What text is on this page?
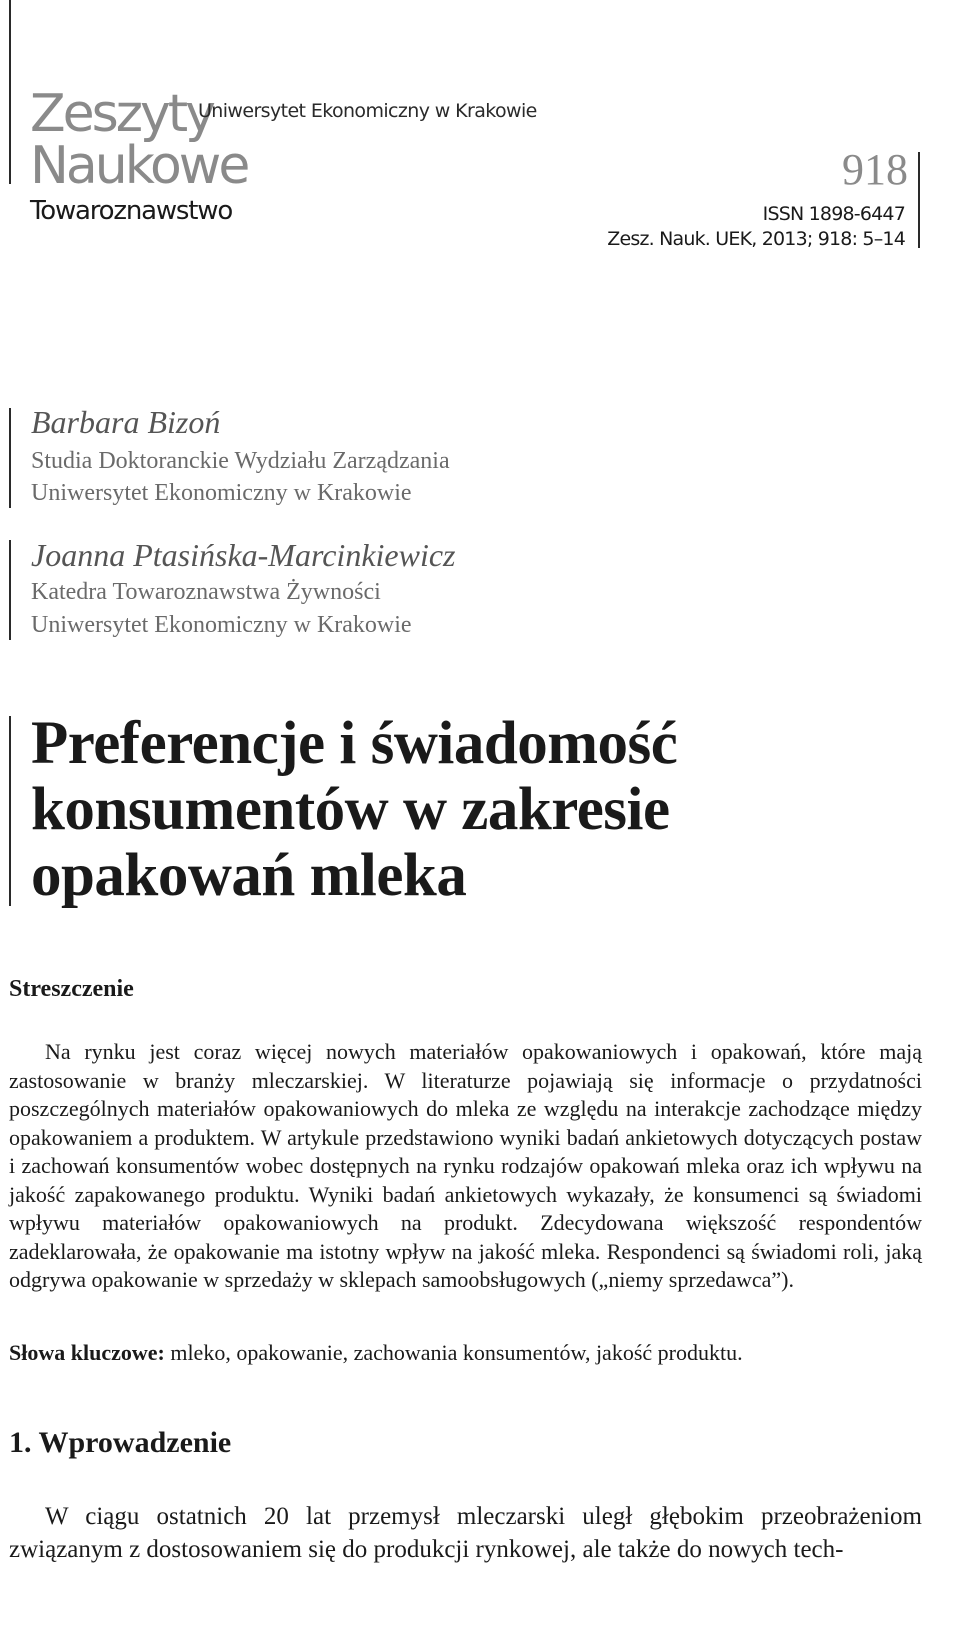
Zeszyty
Uniwersytet Ekonomiczny w Krakowie
Naukowe
Towaroznawstwo
918
ISSN 1898-6447
Zesz. Nauk. UEK, 2013; 918: 5–14
Barbara Bizoń
Studia Doktoranckie Wydziału Zarządzania
Uniwersytet Ekonomiczny w Krakowie
Joanna Ptasińska-Marcinkiewicz
Katedra Towaroznawstwa Żywności
Uniwersytet Ekonomiczny w Krakowie
Preferencje i świadomość
konsumentów w zakresie
opakowań mleka
Streszczenie
Na rynku jest coraz więcej nowych materiałów opakowaniowych i opakowań, które mają zastosowanie w branży mleczarskiej. W literaturze pojawiają się informacje o przydatności poszczególnych materiałów opakowaniowych do mleka ze względu na interakcje zachodzące między opakowaniem a produktem. W artykule przedstawiono wyniki badań ankietowych dotyczących postaw i zachowań konsumentów wobec dostępnych na rynku rodzajów opakowań mleka oraz ich wpływu na jakość zapakowanego produktu. Wyniki badań ankietowych wykazały, że konsumenci są świadomi wpływu materiałów opakowaniowych na produkt. Zdecydowana większość respondentów zadeklarowała, że opakowanie ma istotny wpływ na jakość mleka. Respondenci są świadomi roli, jaką odgrywa opakowanie w sprzedaży w sklepach samoobsługowych („niemy sprzedawca”).
Słowa kluczowe: mleko, opakowanie, zachowania konsumentów, jakość produktu.
1. Wprowadzenie
W ciągu ostatnich 20 lat przemysł mleczarski uległ głębokim przeobrażeniom związanym z dostosowaniem się do produkcji rynkowej, ale także do nowych tech-
